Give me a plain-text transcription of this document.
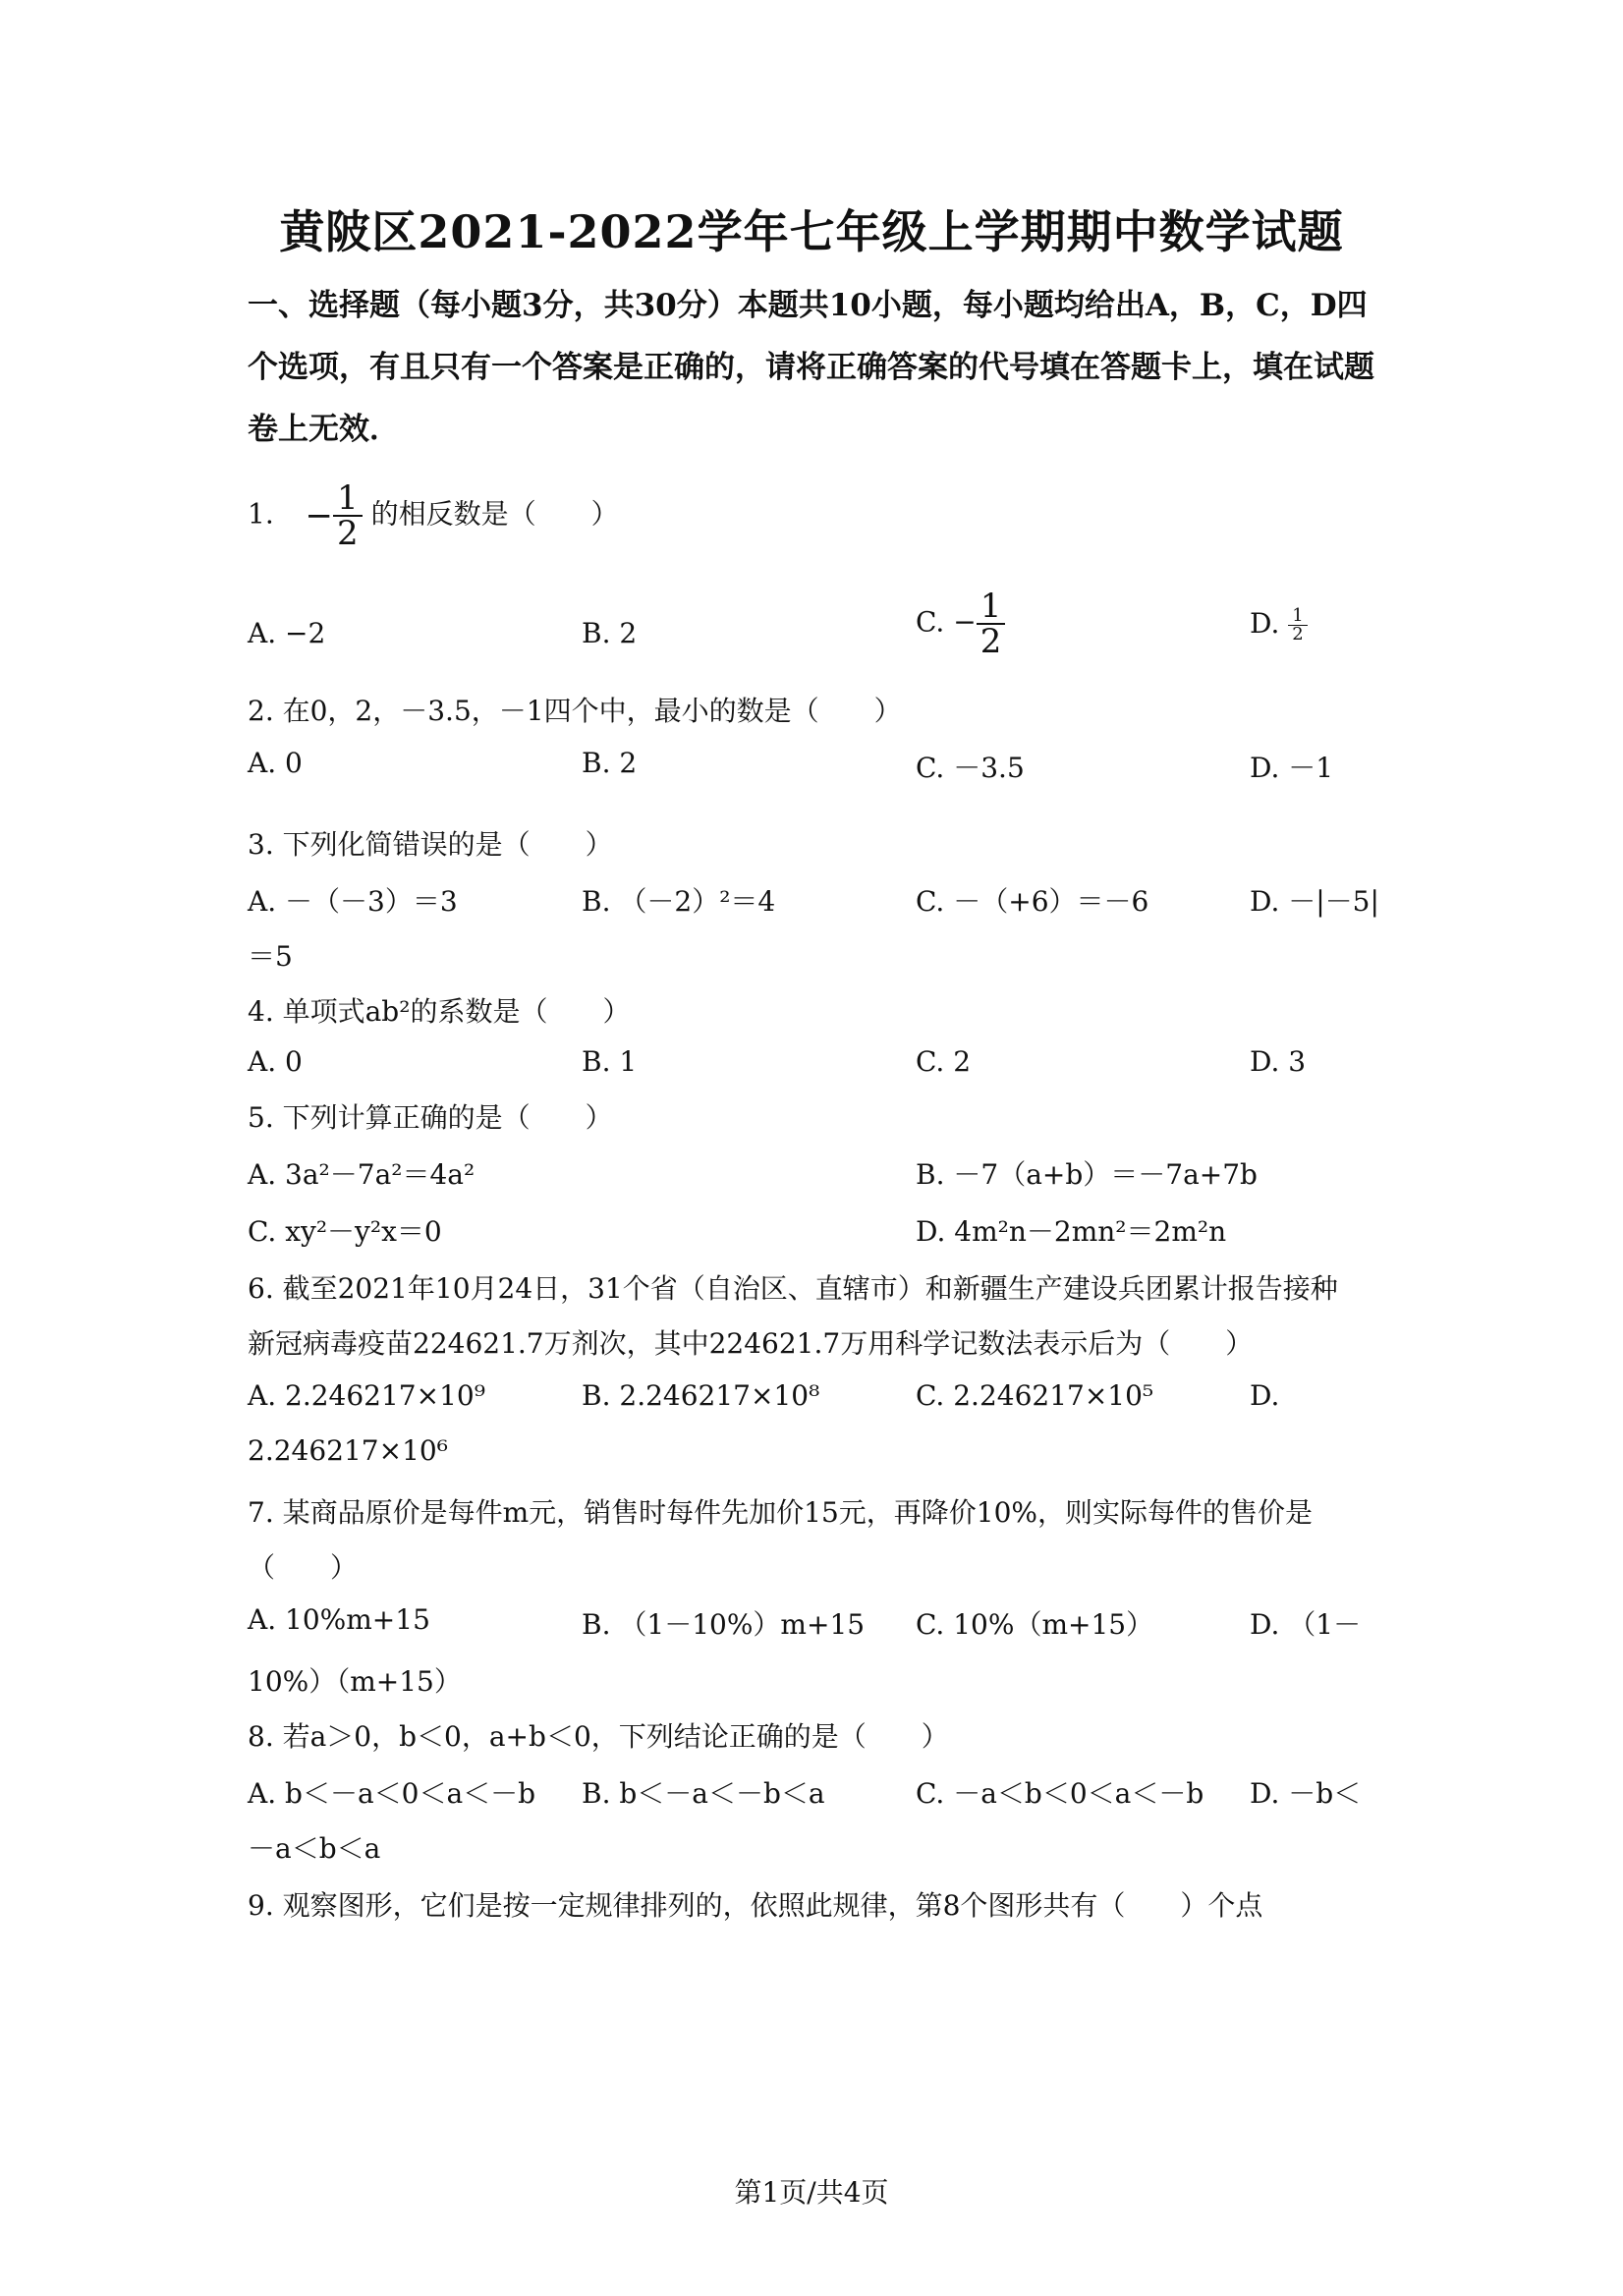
黄陂区2021-2022学年七年级上学期期中数学试题
一、选择题（每小题3分，共30分）本题共10小题，每小题均给出A，B，C，D四个选项，有且只有一个答案是正确的，请将正确答案的代号填在答题卡上，填在试题卷上无效．
1. − $\frac{1}{2}$ 的相反数是（　　）
A. −2	B. 2	C. − $\frac{1}{2}$	D. $\frac{1}{2}$
2. 在0，2，－3.5，－1四个中，最小的数是（　　）
A. 0	B. 2	C. －3.5	D. －1
3. 下列化简错误的是（　　）
A. －（－3）＝3	B. （－2）²＝4	C. －（+6）＝－6	D. －|－5|
＝5
4. 单项式ab²的系数是（　　）
A. 0	B. 1	C. 2	D. 3
5. 下列计算正确的是（　　）
A. 3a²－7a²＝4a²	B. －7（a+b）＝－7a+7b
C. xy²－y²x＝0	D. 4m²n－2mn²＝2m²n
6. 截至2021年10月24日，31个省（自治区、直辖市）和新疆生产建设兵团累计报告接种
新冠病毒疫苗224621.7万剂次，其中224621.7万用科学记数法表示后为（　　）
A. 2.246217×10⁹	B. 2.246217×10⁸	C. 2.246217×10⁵	D.
2.246217×10⁶
7. 某商品原价是每件m元，销售时每件先加价15元，再降价10%，则实际每件的售价是
（　　）
A. 10%m+15	B. （1－10%）m+15 C. 10%（m+15）	D. （1－
10%）（m+15）
8. 若a＞0，b＜0，a+b＜0，下列结论正确的是（　　）
A. b＜－a＜0＜a＜－b B. b＜－a＜－b＜a	C. －a＜b＜0＜a＜－b D. －b＜
－a＜b＜a
9. 观察图形，它们是按一定规律排列的，依照此规律，第8个图形共有（　　）个点
第1页/共4页
